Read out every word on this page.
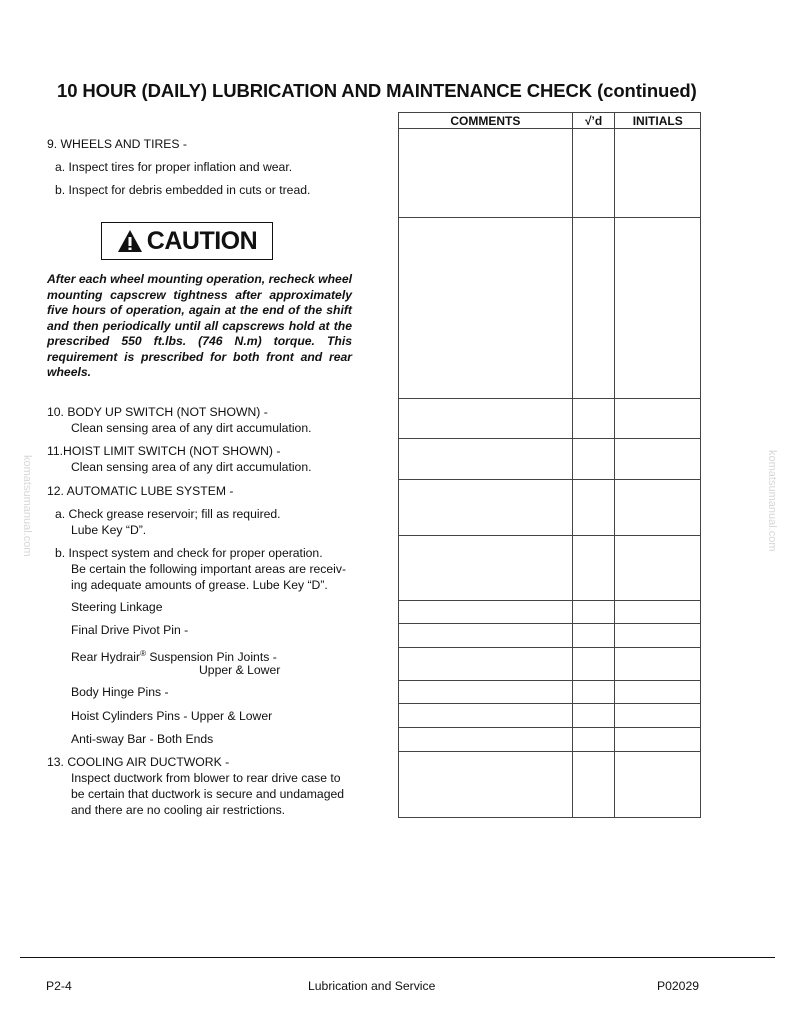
10 HOUR (DAILY) LUBRICATION AND MAINTENANCE CHECK (continued)
9. WHEELS AND TIRES -
a. Inspect tires for proper inflation and wear.
b. Inspect for debris embedded in cuts or tread.
CAUTION
After each wheel mounting operation, recheck wheel mounting capscrew tightness after approximately five hours of operation, again at the end of the shift and then periodically until all capscrews hold at the prescribed 550 ft.lbs. (746 N.m) torque. This requirement is prescribed for both front and rear wheels.
10. BODY UP SWITCH (NOT SHOWN) -
Clean sensing area of any dirt accumulation.
11.HOIST LIMIT SWITCH (NOT SHOWN) -
Clean sensing area of any dirt accumulation.
12. AUTOMATIC LUBE SYSTEM -
a. Check grease reservoir; fill as required.
Lube Key “D”.
b. Inspect system and check for proper operation.
Be certain the following important areas are receiv-
ing adequate amounts of grease. Lube Key “D”.
Steering Linkage
Final Drive Pivot Pin -
Rear Hydrair® Suspension Pin Joints -
Upper & Lower
Body Hinge Pins -
Hoist Cylinders Pins - Upper & Lower
Anti-sway Bar - Both Ends
13. COOLING AIR DUCTWORK -
Inspect ductwork from blower to rear drive case to
be certain that ductwork is secure and undamaged
and there are no cooling air restrictions.
COMMENTS	√’d	INITIALS

komatsumanual.com	komatsumanual.com
P2-4	Lubrication and Service	P02029
